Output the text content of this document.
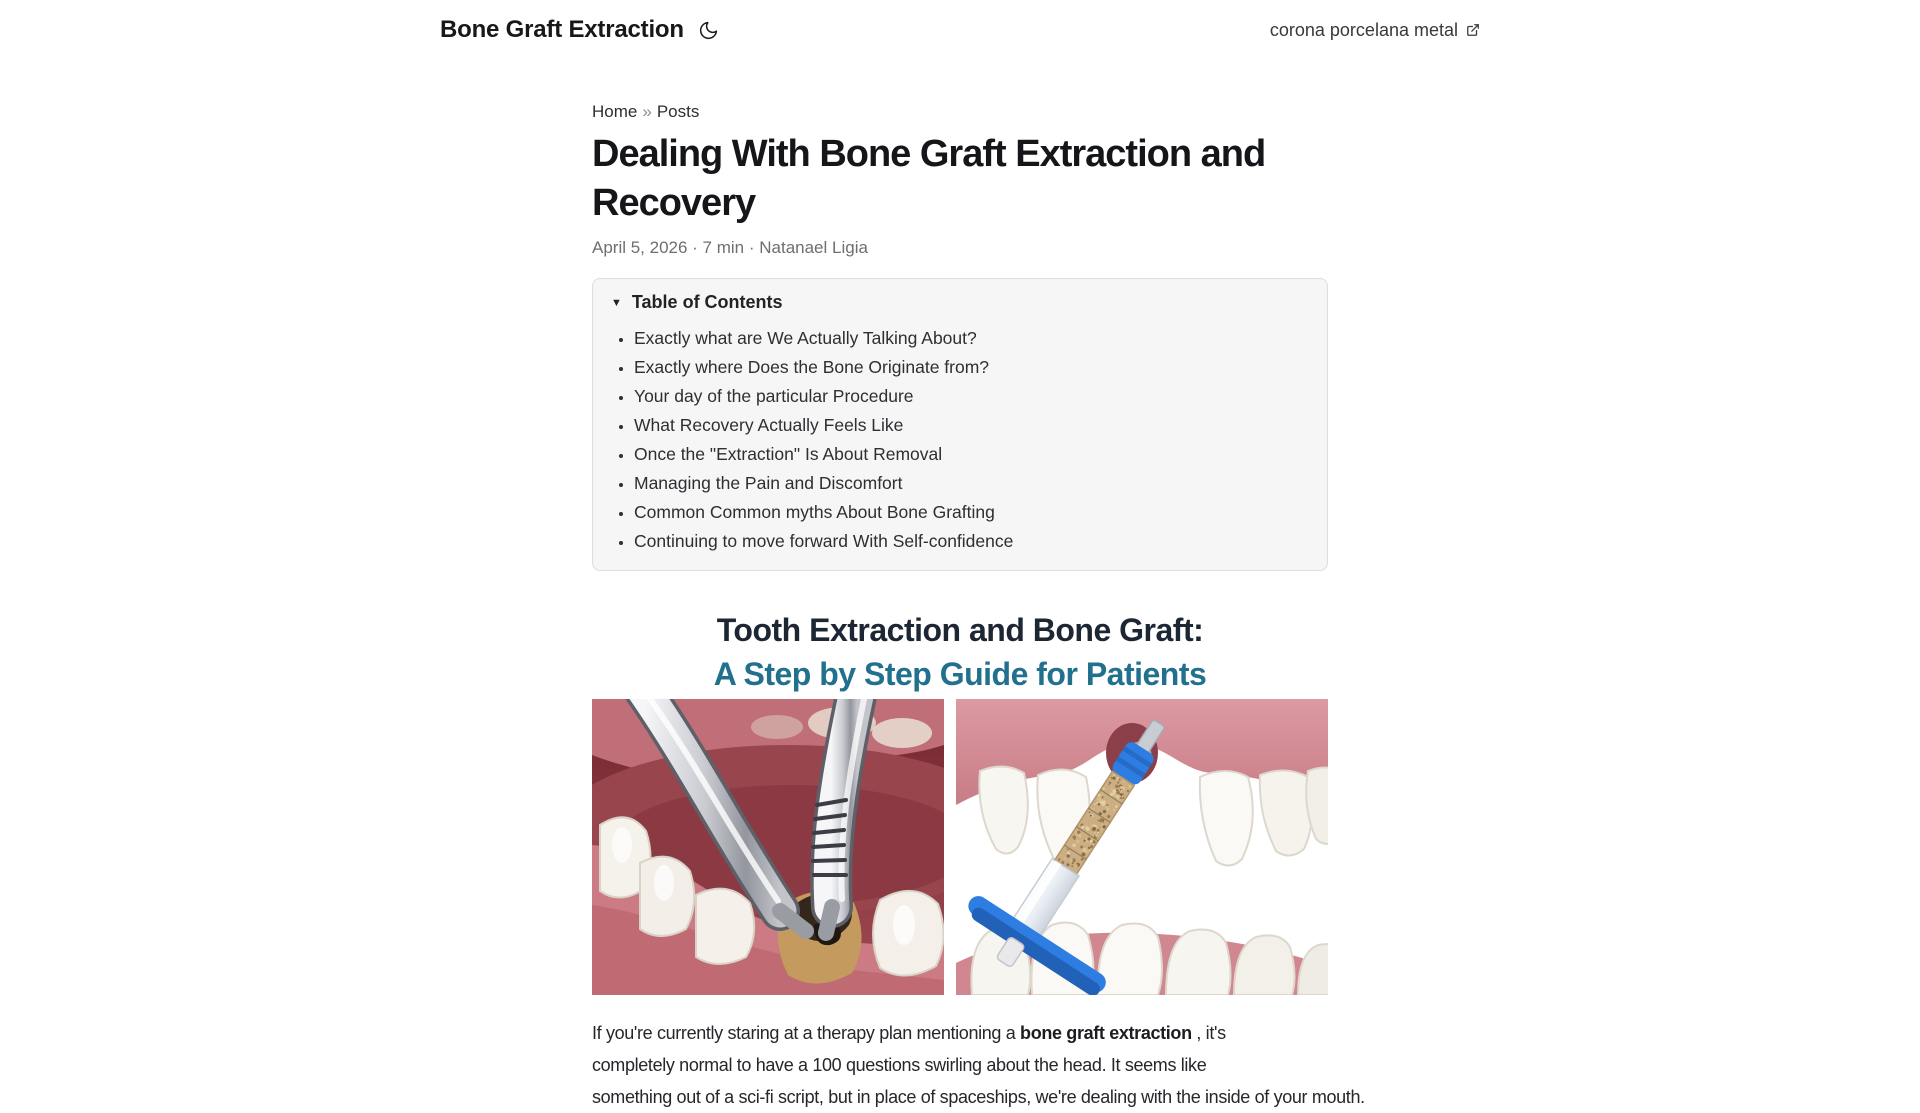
Bone Graft Extraction	corona porcelana metal
Home » Posts
Dealing With Bone Graft Extraction and Recovery
April 5, 2026 · 7 min · Natanael Ligia
▼ Table of Contents
• Exactly what are We Actually Talking About?
• Exactly where Does the Bone Originate from?
• Your day of the particular Procedure
• What Recovery Actually Feels Like
• Once the "Extraction" Is About Removal
• Managing the Pain and Discomfort
• Common Common myths About Bone Grafting
• Continuing to move forward With Self-confidence
Tooth Extraction and Bone Graft:
A Step by Step Guide for Patients

If you're currently staring at a therapy plan mentioning a bone graft extraction , it's
completely normal to have a 100 questions swirling about the head. It seems like
something out of a sci-fi script, but in place of spaceships, we're dealing with the inside of your mouth.
